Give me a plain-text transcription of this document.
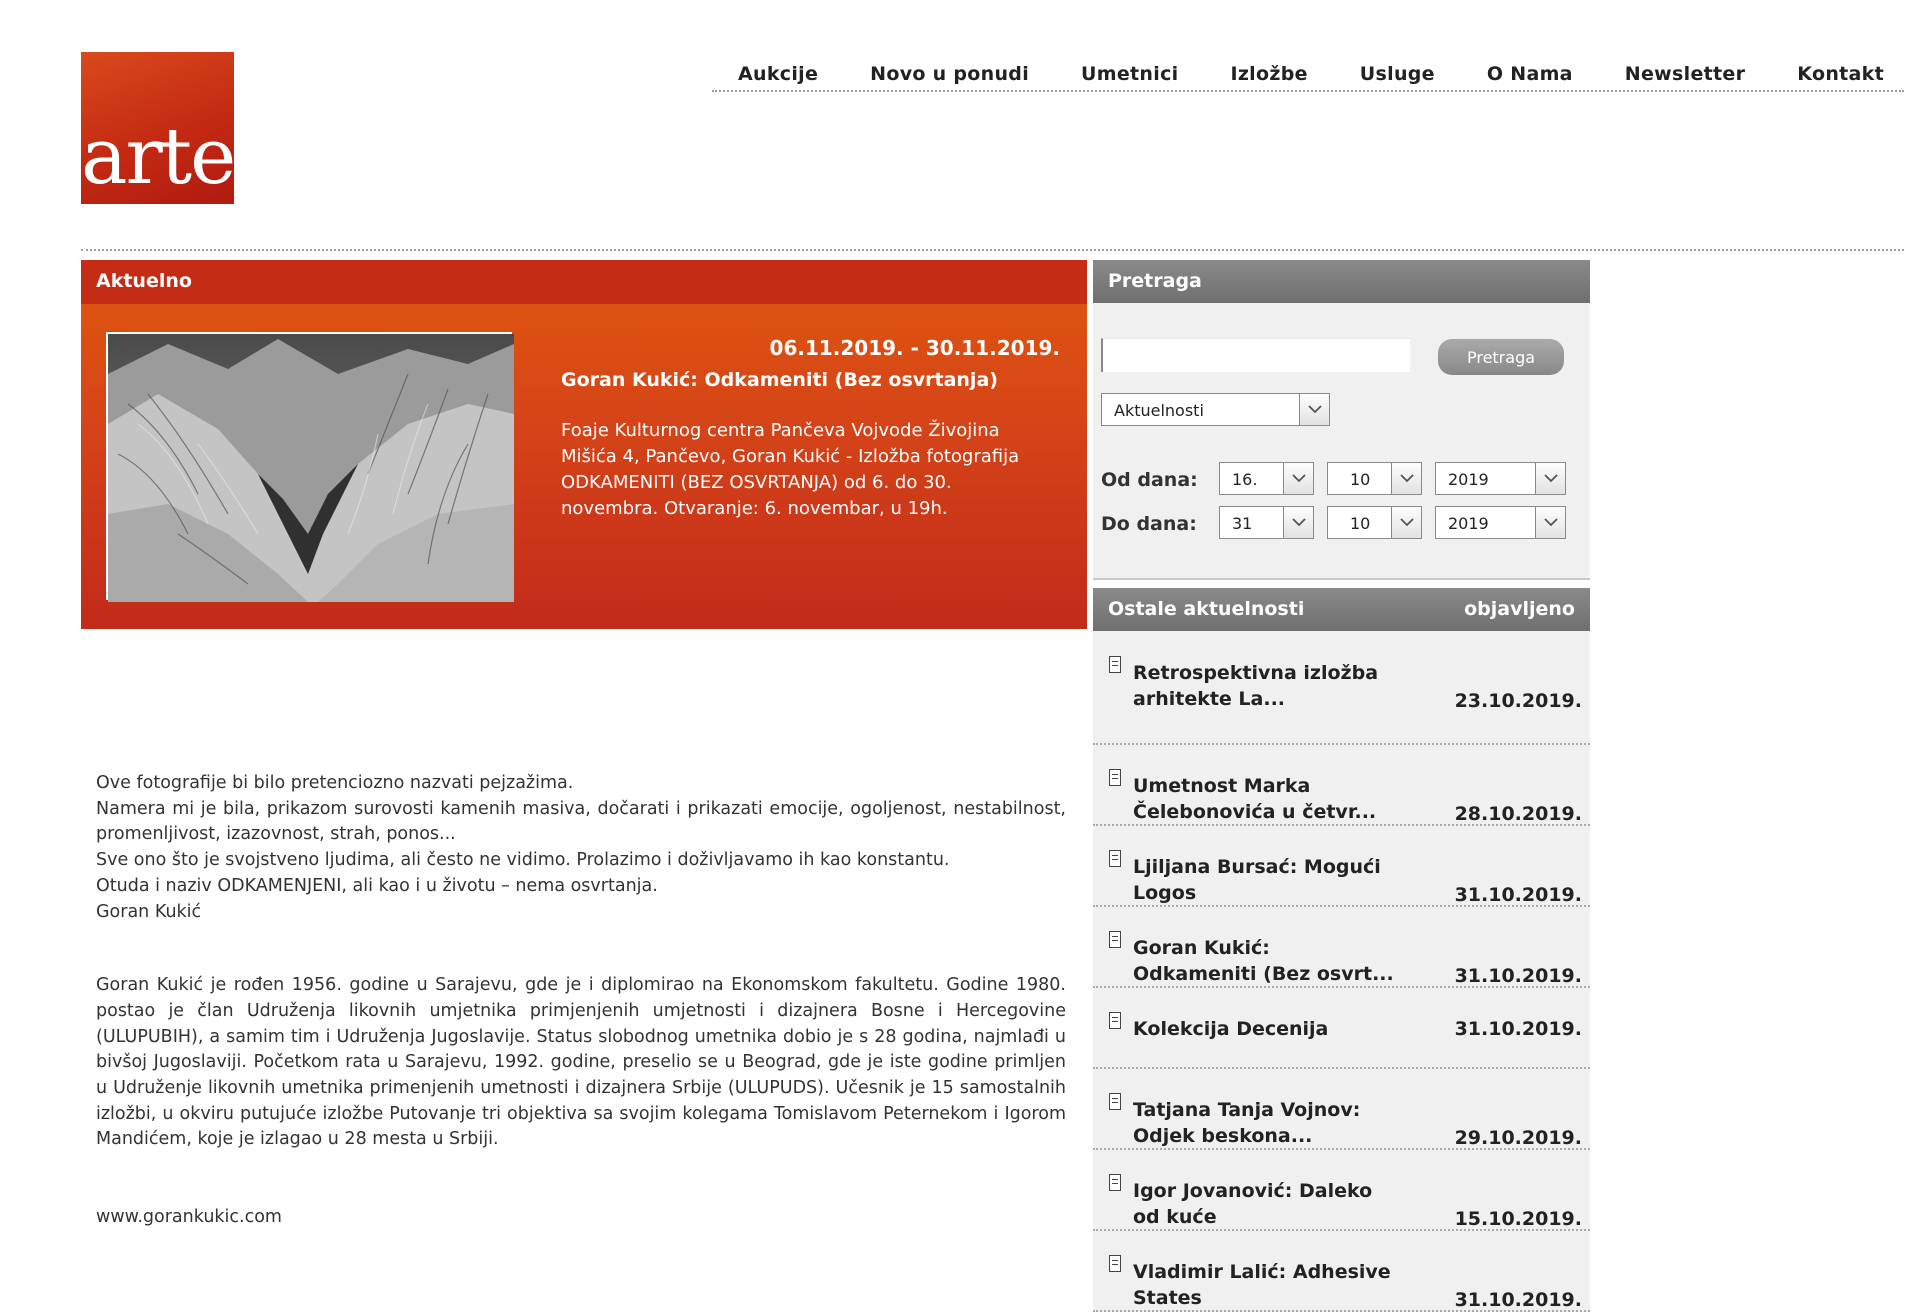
arte
Aukcije	Novo u ponudi	Umetnici	Izložbe	Usluge	O Nama	Newsletter	Kontakt
Aktuelno
06.11.2019. - 30.11.2019.
Goran Kukić: Odkameniti (Bez osvrtanja)
Foaje Kulturnog centra Pančeva Vojvode Živojina Mišića 4, Pančevo, Goran Kukić - Izložba fotografija ODKAMENITI (BEZ OSVRTANJA) od 6. do 30. novembra. Otvaranje: 6. novembar, u 19h.

Ove fotografije bi bilo pretenciozno nazvati pejzažima.
Namera mi je bila, prikazom surovosti kamenih masiva, dočarati i prikazati emocije, ogoljenost, nestabilnost, promenljivost, izazovnost, strah, ponos...
Sve ono što je svojstveno ljudima, ali često ne vidimo. Prolazimo i doživljavamo ih kao konstantu.
Otuda i naziv ODKAMENJENI, ali kao i u životu – nema osvrtanja.
Goran Kukić

Goran Kukić je rođen 1956. godine u Sarajevu, gde je i diplomirao na Ekonomskom fakultetu. Godine 1980. postao je član Udruženja likovnih umjetnika primjenjenih umjetnosti i dizajnera Bosne i Hercegovine (ULUPUBIH), a samim tim i Udruženja Jugoslavije. Status slobodnog umetnika dobio je s 28 godina, najmlađi u bivšoj Jugoslaviji. Početkom rata u Sarajevu, 1992. godine, preselio se u Beograd, gde je iste godine primljen u Udruženje likovnih umetnika primenjenih umetnosti i dizajnera Srbije (ULUPUDS). Učesnik je 15 samostalnih izložbi, u okviru putujuće izložbe Putovanje tri objektiva sa svojim kolegama Tomislavom Peternekom i Igorom Mandićem, koje je izlagao u 28 mesta u Srbiji.

www.gorankukic.com
Pretraga
Pretraga
Aktuelnosti
Od dana: 16.	10	2019
Do dana: 31	10	2019
Ostale aktuelnosti	objavljeno
Retrospektivna izložba arhitekte La...	23.10.2019.
Umetnost Marka Čelebonovića u četvr...	28.10.2019.
Ljiljana Bursać: Mogući Logos	31.10.2019.
Goran Kukić: Odkameniti (Bez osvrt...	31.10.2019.
Kolekcija Decenija	31.10.2019.
Tatjana Tanja Vojnov: Odjek beskona...	29.10.2019.
Igor Jovanović: Daleko od kuće	15.10.2019.
Vladimir Lalić: Adhesive States	31.10.2019.
